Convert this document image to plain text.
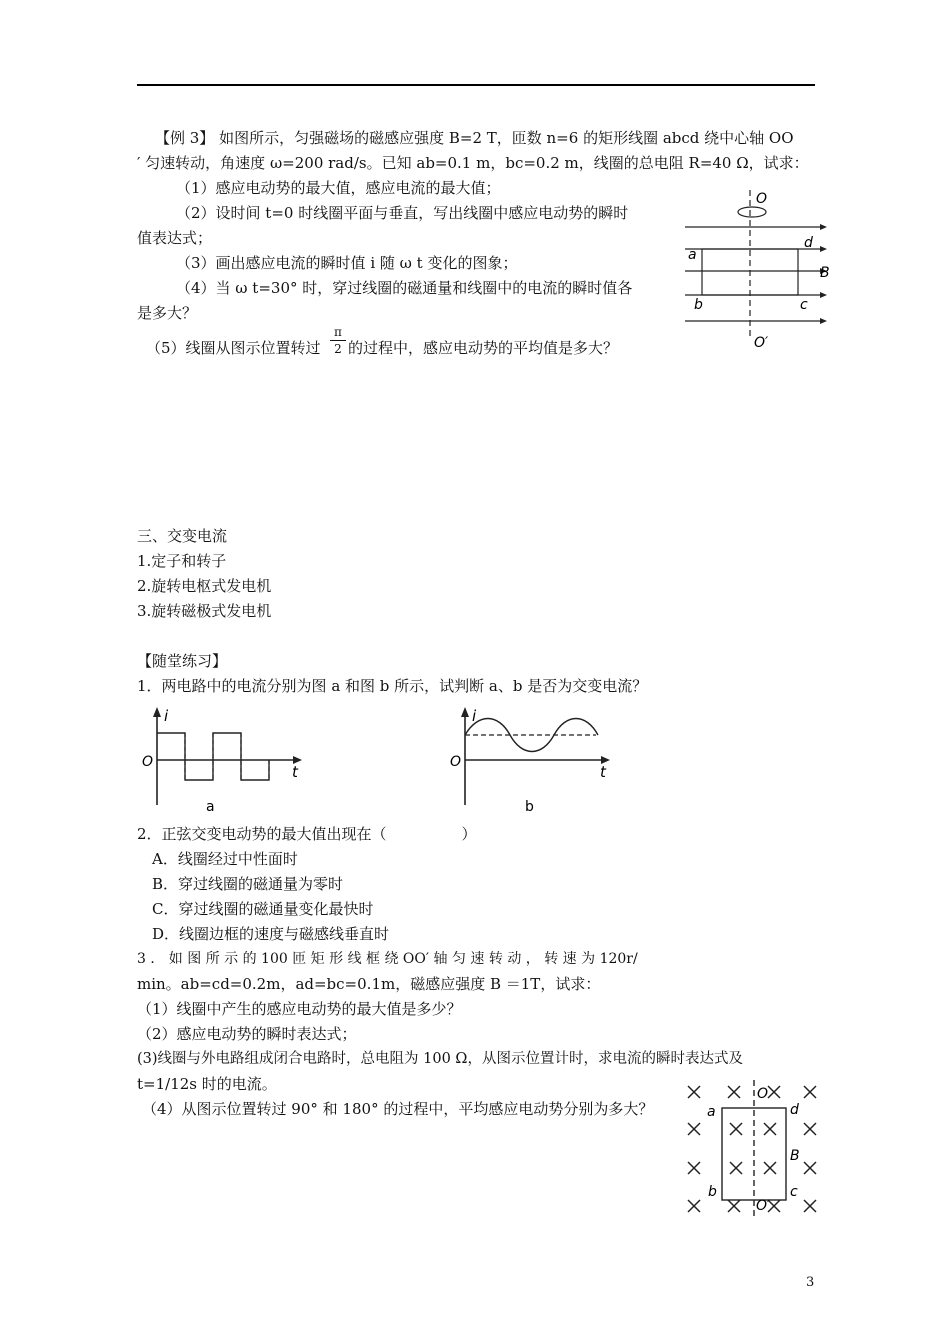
【例 3】 如图所示，匀强磁场的磁感应强度 B=2 T，匝数 n=6 的矩形线圈 abcd 绕中心轴 OO
′ 匀速转动，角速度 ω=200 rad/s。已知 ab=0.1 m，bc=0.2 m，线圈的总电阻 R=40 Ω，试求：
（1）感应电动势的最大值，感应电流的最大值；
（2）设时间 t=0 时线圈平面与垂直，写出线圈中感应电动势的瞬时
值表达式；
（3）画出感应电流的瞬时值 i 随 ω t 变化的图象；
（4）当 ω t=30° 时，穿过线圈的磁通量和线圈中的电流的瞬时值各
是多大？
（5）线圈从图示位置转过
π
2 的过程中，感应电动势的平均值是多大？
O
O′
a
d
b	c
B
三、交变电流
1.定子和转子
2.旋转电枢式发电机
3.旋转磁极式发电机
【随堂练习】
1．两电路中的电流分别为图 a 和图 b 所示，试判断 a、b 是否为交变电流？
i
O
t
a
i
O
t
b
2．正弦交变电动势的最大值出现在（　　　　　）
A．线圈经过中性面时
B．穿过线圈的磁通量为零时
C．穿过线圈的磁通量变化最快时
D．线圈边框的速度与磁感线垂直时
3 ． 如 图 所 示 的 100 匝 矩 形 线 框 绕 OO′ 轴 匀 速 转 动 ， 转 速 为 120r/
min。ab=cd=0.2m，ad=bc=0.1m，磁感应强度 B ＝1T，试求：
（1）线圈中产生的感应电动势的最大值是多少？
（2）感应电动势的瞬时表达式；
(3)线圈与外电路组成闭合电路时，总电阻为 100 Ω，从图示位置计时，求电流的瞬时表达式及
t=1/12s 时的电流。
（4）从图示位置转过 90° 和 180° 的过程中，平均感应电动势分别为多大？
O
O′
a	d
b	c
B
3
